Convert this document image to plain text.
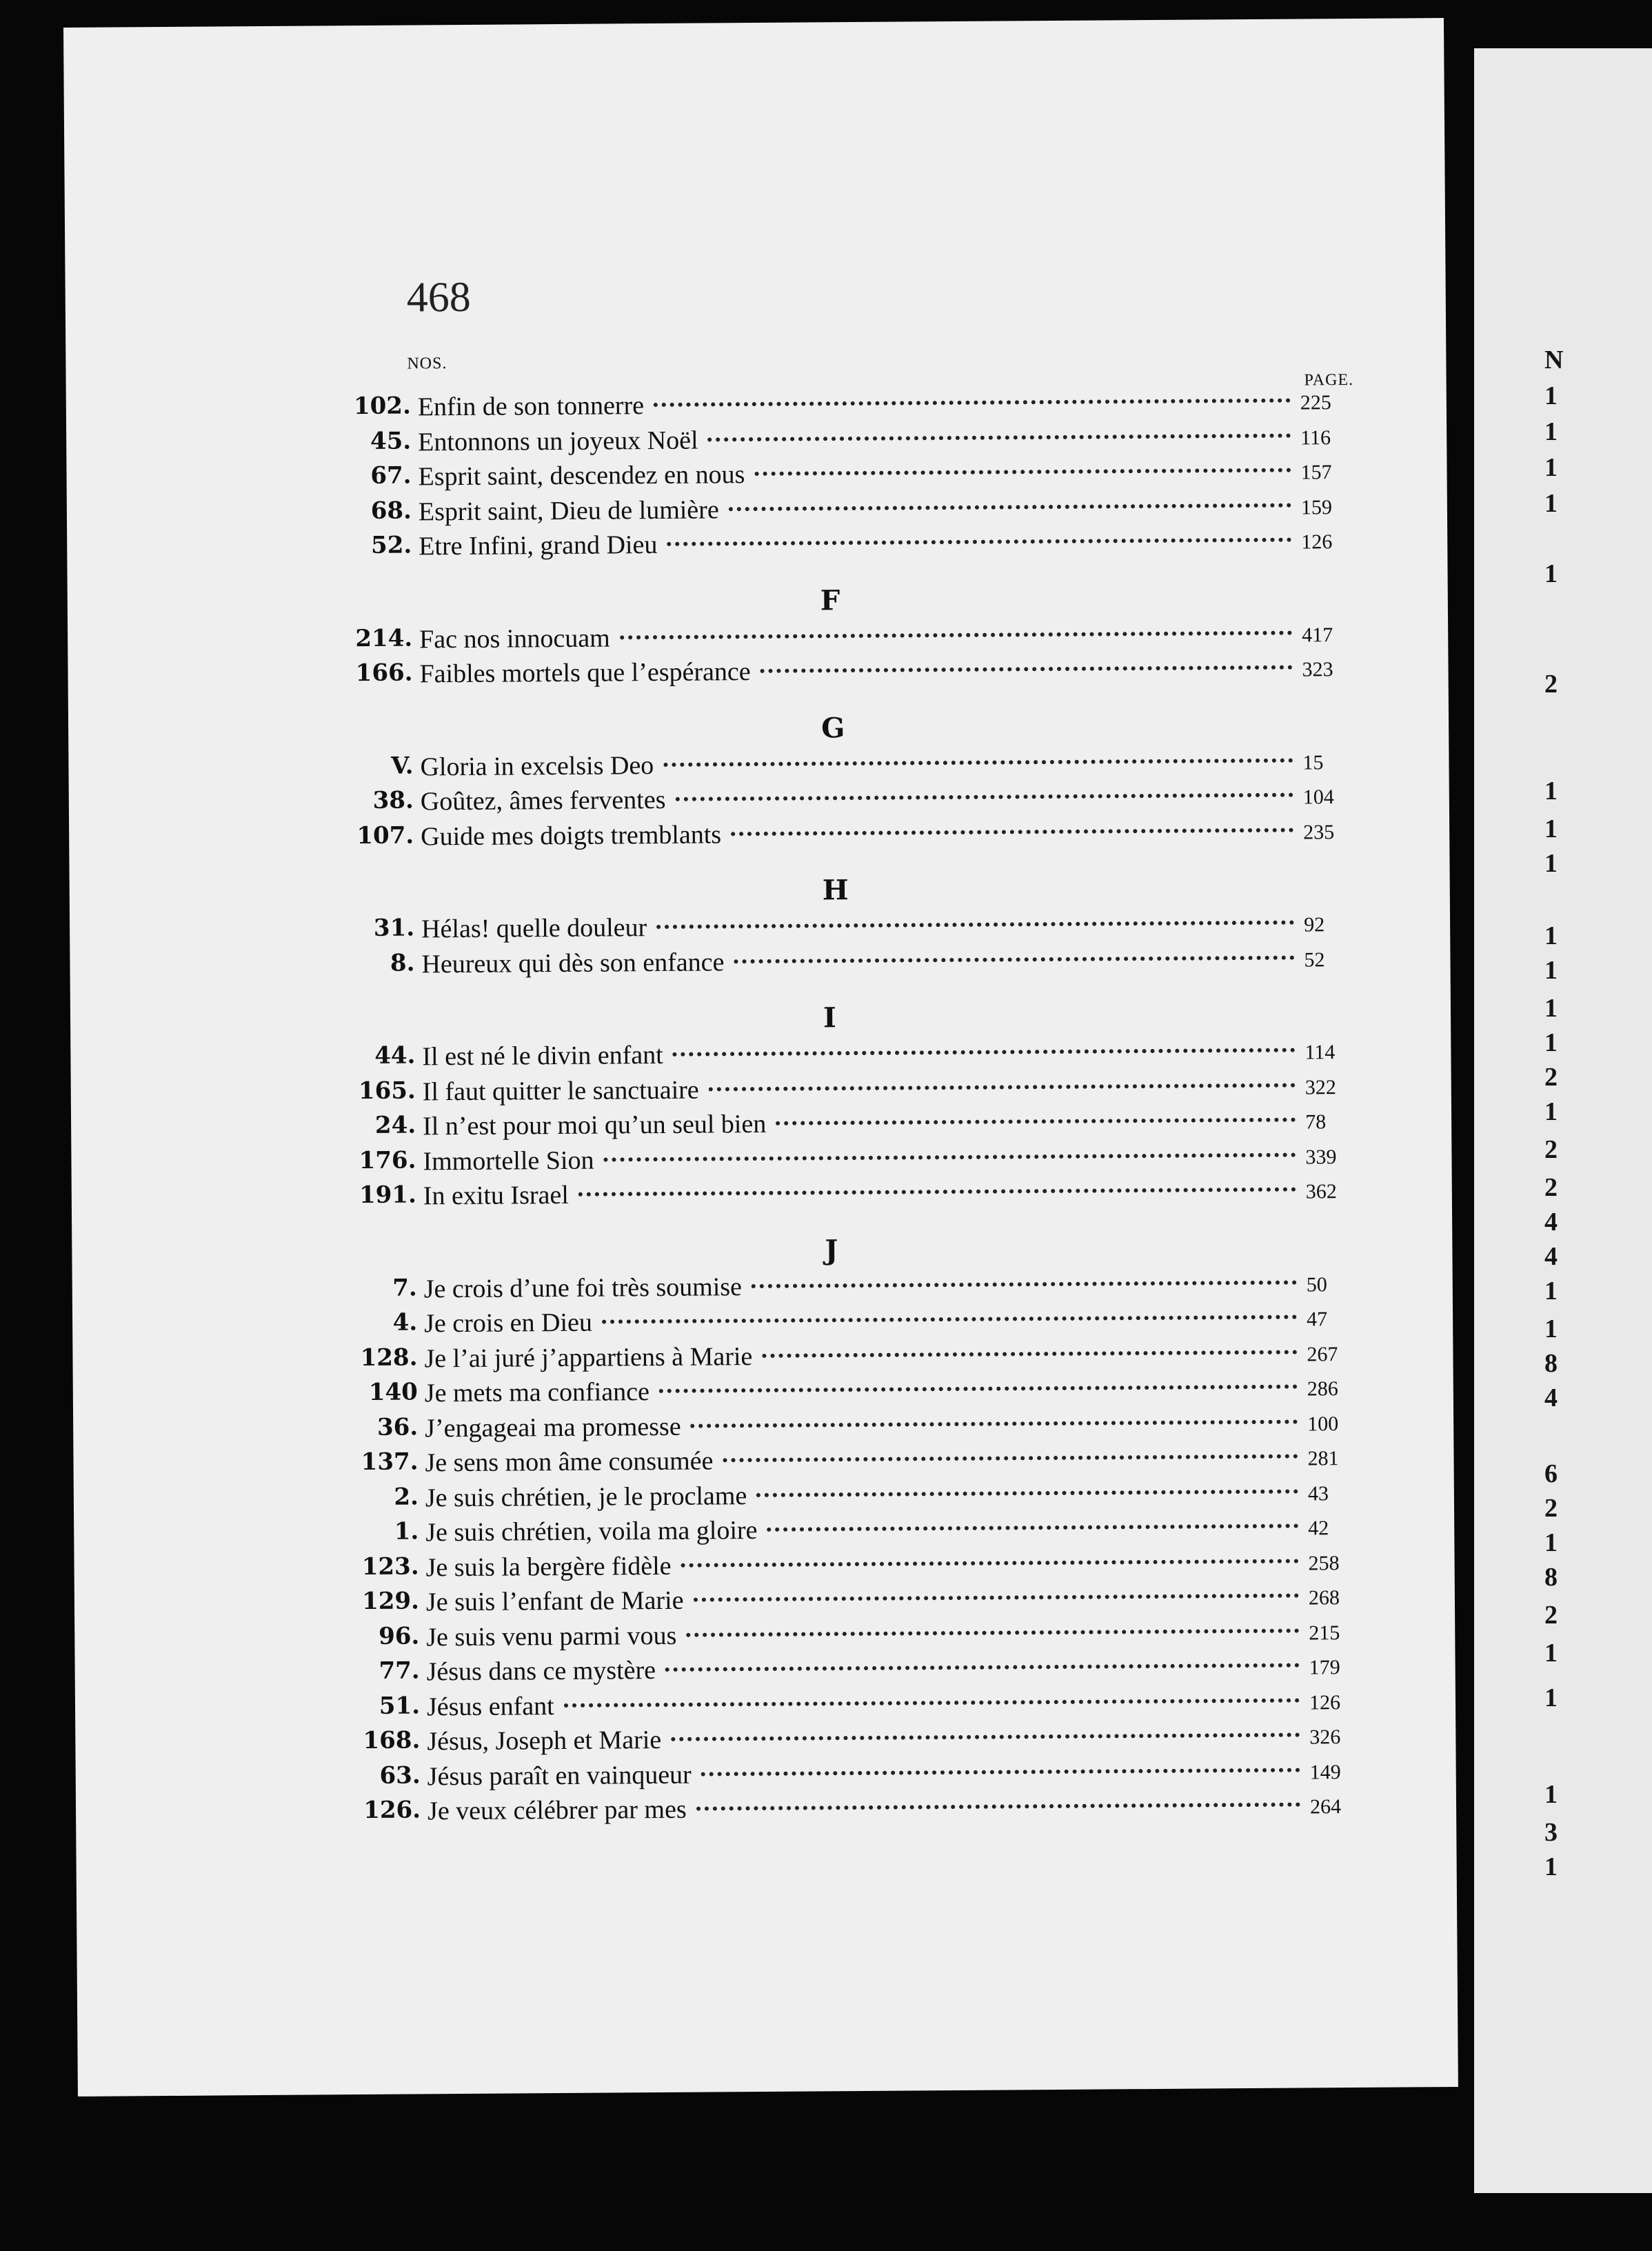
N
1
1
1
1
1
2
1
1
1
1
1
1
1
2
1
2
2
4
4
1
1
8
4
6
2
1
8
2
1
1
1
3
1
468
NOS.
PAGE.
102. Enfin de son tonnerre	225
45. Entonnons un joyeux Noël	116
67. Esprit saint, descendez en nous	157
68. Esprit saint, Dieu de lumière	159
52. Etre Infini, grand Dieu	126
F
214. Fac nos innocuam	417
166. Faibles mortels que l’espérance	323
G
V. Gloria in excelsis Deo	15
38. Goûtez, âmes ferventes	104
107. Guide mes doigts tremblants	235
H
31. Hélas! quelle douleur	92
8. Heureux qui dès son enfance	52
I
44. Il est né le divin enfant	114
165. Il faut quitter le sanctuaire	322
24. Il n’est pour moi qu’un seul bien	78
176. Immortelle Sion	339
191. In exitu Israel	362
J
7. Je crois d’une foi très soumise	50
4. Je crois en Dieu	47
128. Je l’ai juré j’appartiens à Marie	267
140 Je mets ma confiance	286
36. J’engageai ma promesse	100
137. Je sens mon âme consumée	281
2. Je suis chrétien, je le proclame	43
1. Je suis chrétien, voila ma gloire	42
123. Je suis la bergère fidèle	258
129. Je suis l’enfant de Marie	268
96. Je suis venu parmi vous	215
77. Jésus dans ce mystère	179
51. Jésus enfant	126
168. Jésus, Joseph et Marie	326
63. Jésus paraît en vainqueur	149
126. Je veux célébrer par mes	264
